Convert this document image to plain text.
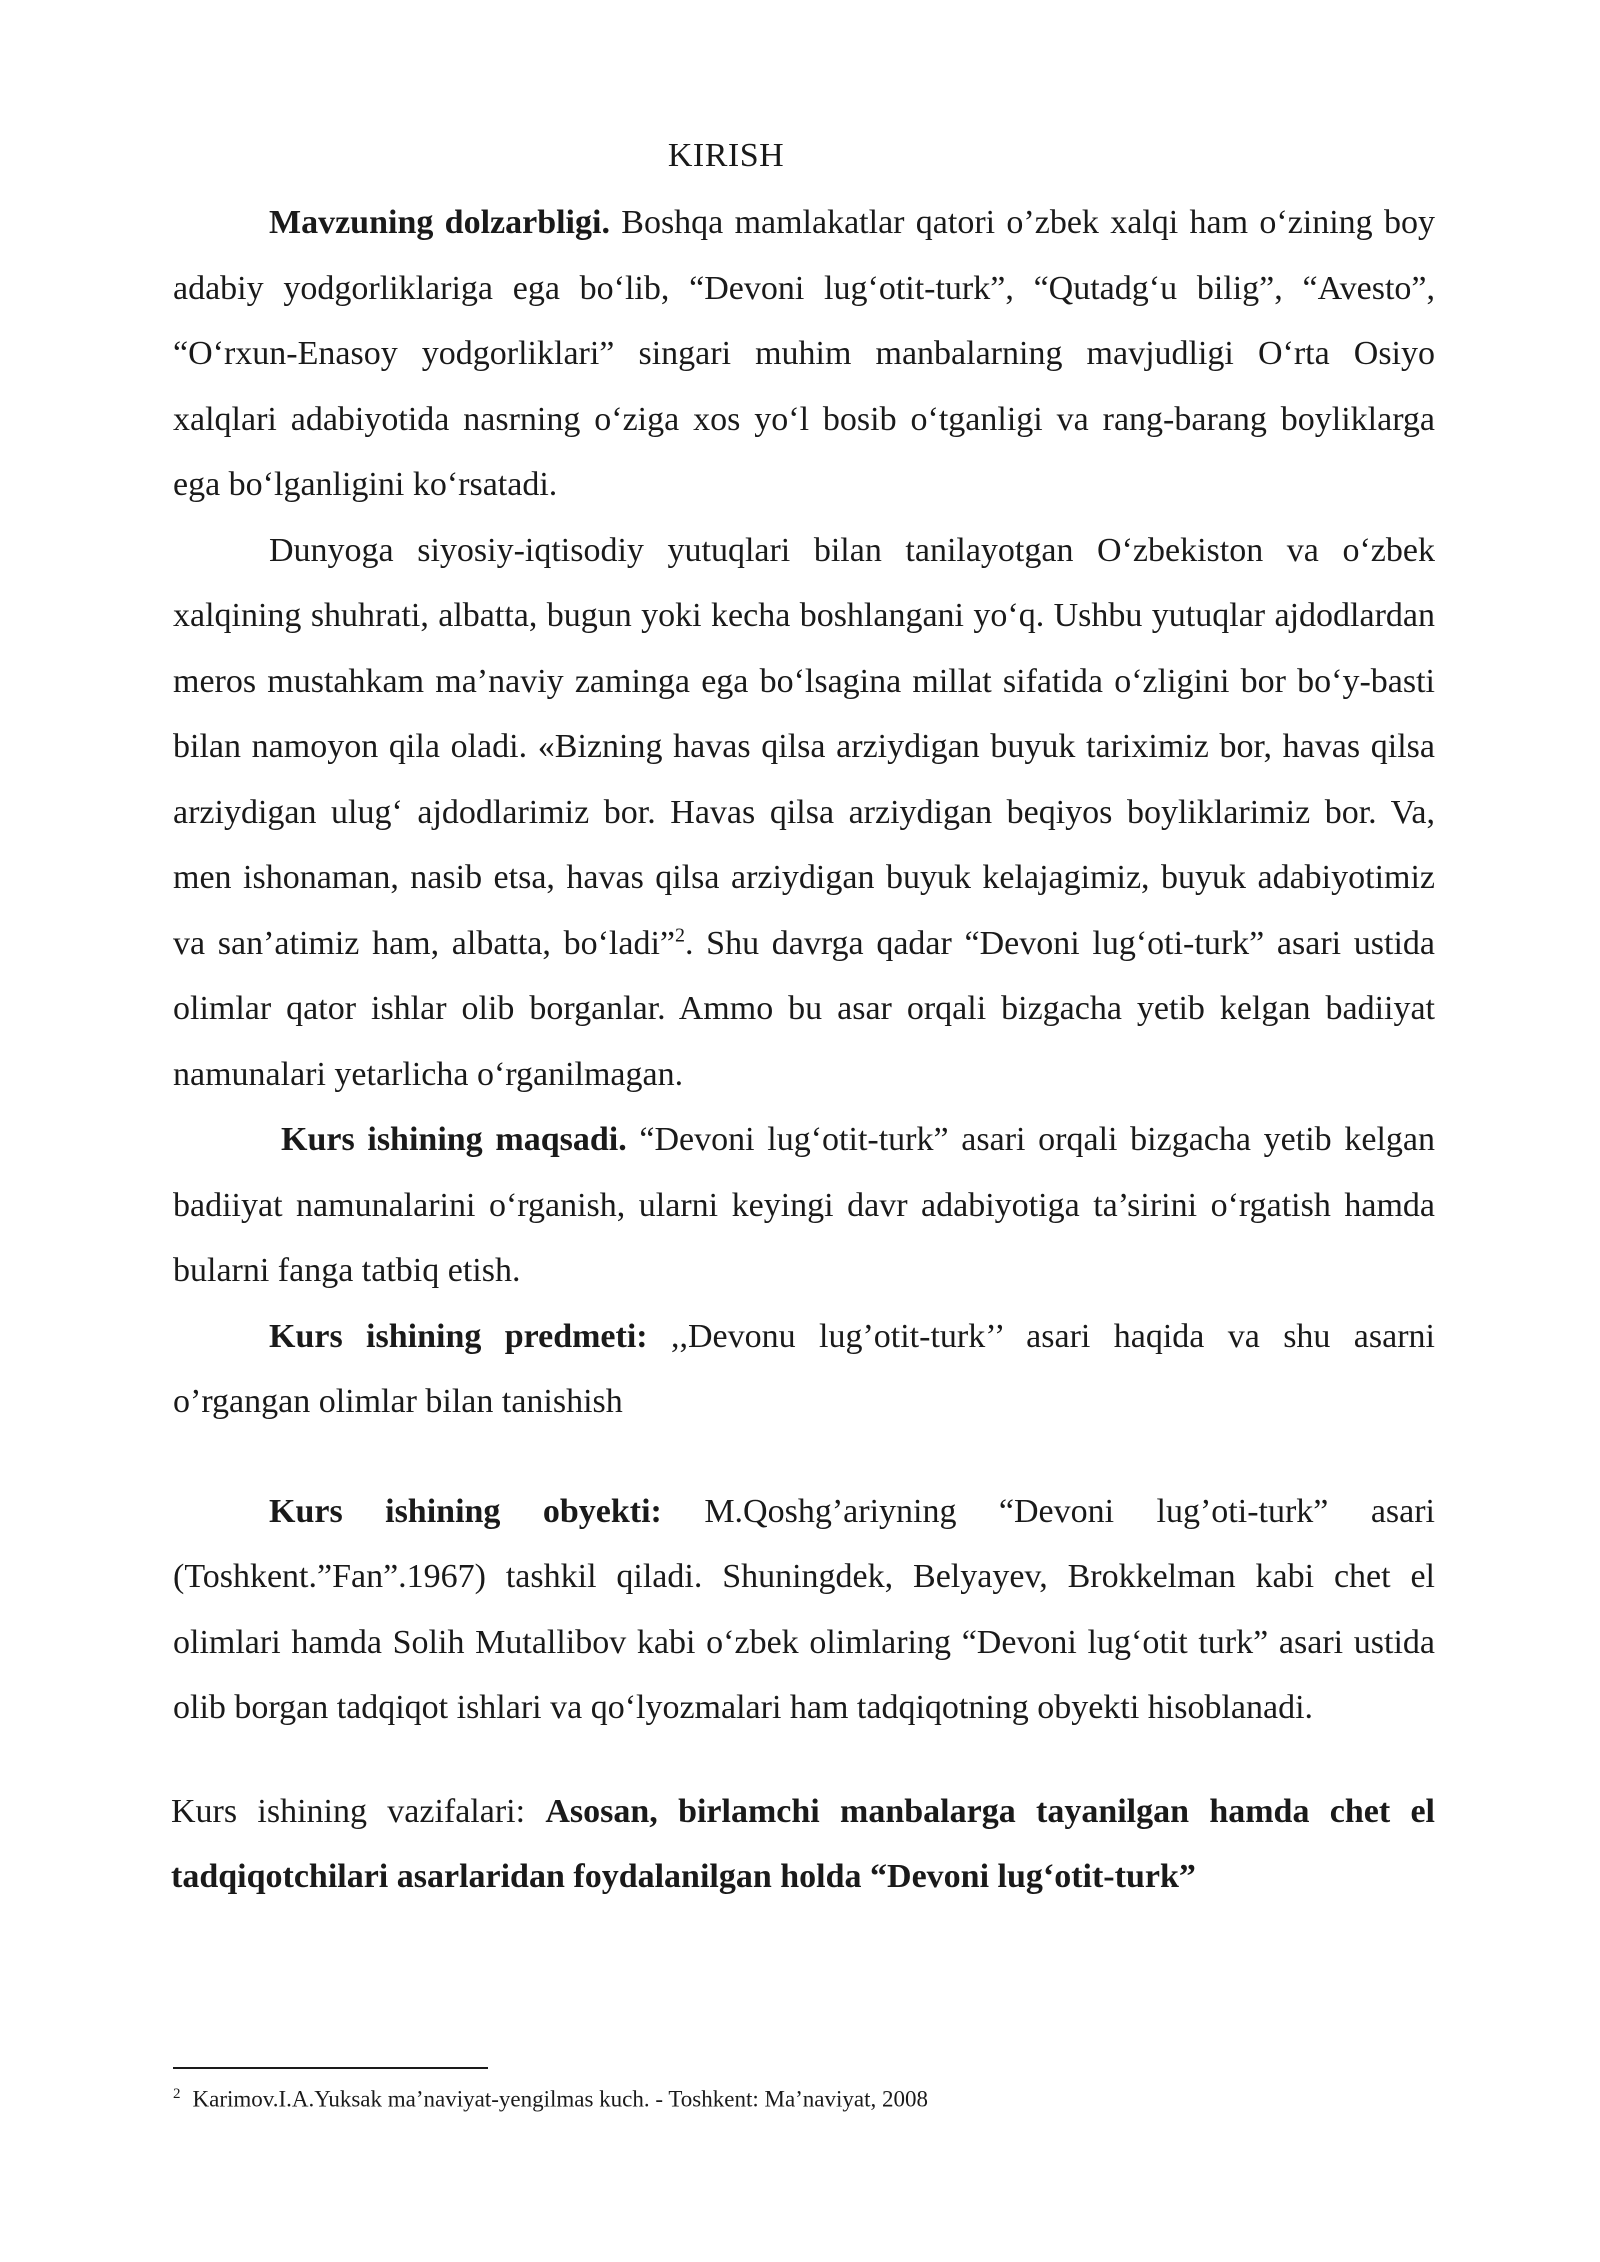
KIRISH

Mavzuning dolzarbligi. Boshqa mamlakatlar qatori o’zbek xalqi ham o‘zining boy adabiy yodgorliklariga ega bo‘lib, “Devoni lug‘otit-turk”, “Qutadg‘u bilig”, “Avesto”, “O‘rxun-Enasoy yodgorliklari” singari muhim manbalarning mavjudligi O‘rta Osiyo xalqlari adabiyotida nasrning o‘ziga xos yo‘l bosib o‘tganligi va rang-barang boyliklarga ega bo‘lganligini ko‘rsatadi.

Dunyoga siyosiy-iqtisodiy yutuqlari bilan tanilayotgan O‘zbekiston va o‘zbek xalqining shuhrati, albatta, bugun yoki kecha boshlangani yo‘q. Ushbu yutuqlar ajdodlardan meros mustahkam ma’naviy zaminga ega bo‘lsagina millat sifatida o‘zligini bor bo‘y-basti bilan namoyon qila oladi. «Bizning havas qilsa arziydigan buyuk tariximiz bor, havas qilsa arziydigan ulug‘ ajdodlarimiz bor. Havas qilsa arziydigan beqiyos boyliklarimiz bor. Va, men ishonaman, nasib etsa, havas qilsa arziydigan buyuk kelajagimiz, buyuk adabiyotimiz va san’atimiz ham, albatta, bo‘ladi”$^2$. Shu davrga qadar “Devoni lug‘oti-turk” asari ustida olimlar qator ishlar olib borganlar. Ammo bu asar orqali bizgacha yetib kelgan badiiyat namunalari yetarlicha o‘rganilmagan.

Kurs ishining maqsadi. “Devoni lug‘otit-turk” asari orqali bizgacha yetib kelgan badiiyat namunalarini o‘rganish, ularni keyingi davr adabiyotiga ta’sirini o‘rgatish hamda bularni fanga tatbiq etish.

Kurs ishining predmeti: ,,Devonu lug’otit-turk’’ asari haqida va shu asarni o’rgangan olimlar bilan tanishish

Kurs ishining obyekti: M.Qoshg’ariyning “Devoni lug’oti-turk” asari (Toshkent.”Fan”.1967) tashkil qiladi. Shuningdek, Belyayev, Brokkelman kabi chet el olimlari hamda Solih Mutallibov kabi o‘zbek olimlaring “Devoni lug‘otit turk” asari ustida olib borgan tadqiqot ishlari va qo‘lyozmalari ham tadqiqotning obyekti hisoblanadi.

Kurs ishining vazifalari: Asosan, birlamchi manbalarga tayanilgan hamda chet el tadqiqotchilari asarlaridan foydalanilgan holda “Devoni lug‘otit-turk”

$^2$ Karimov.I.A.Yuksak ma’naviyat-yengilmas kuch. - Toshkent: Ma’naviyat, 2008
